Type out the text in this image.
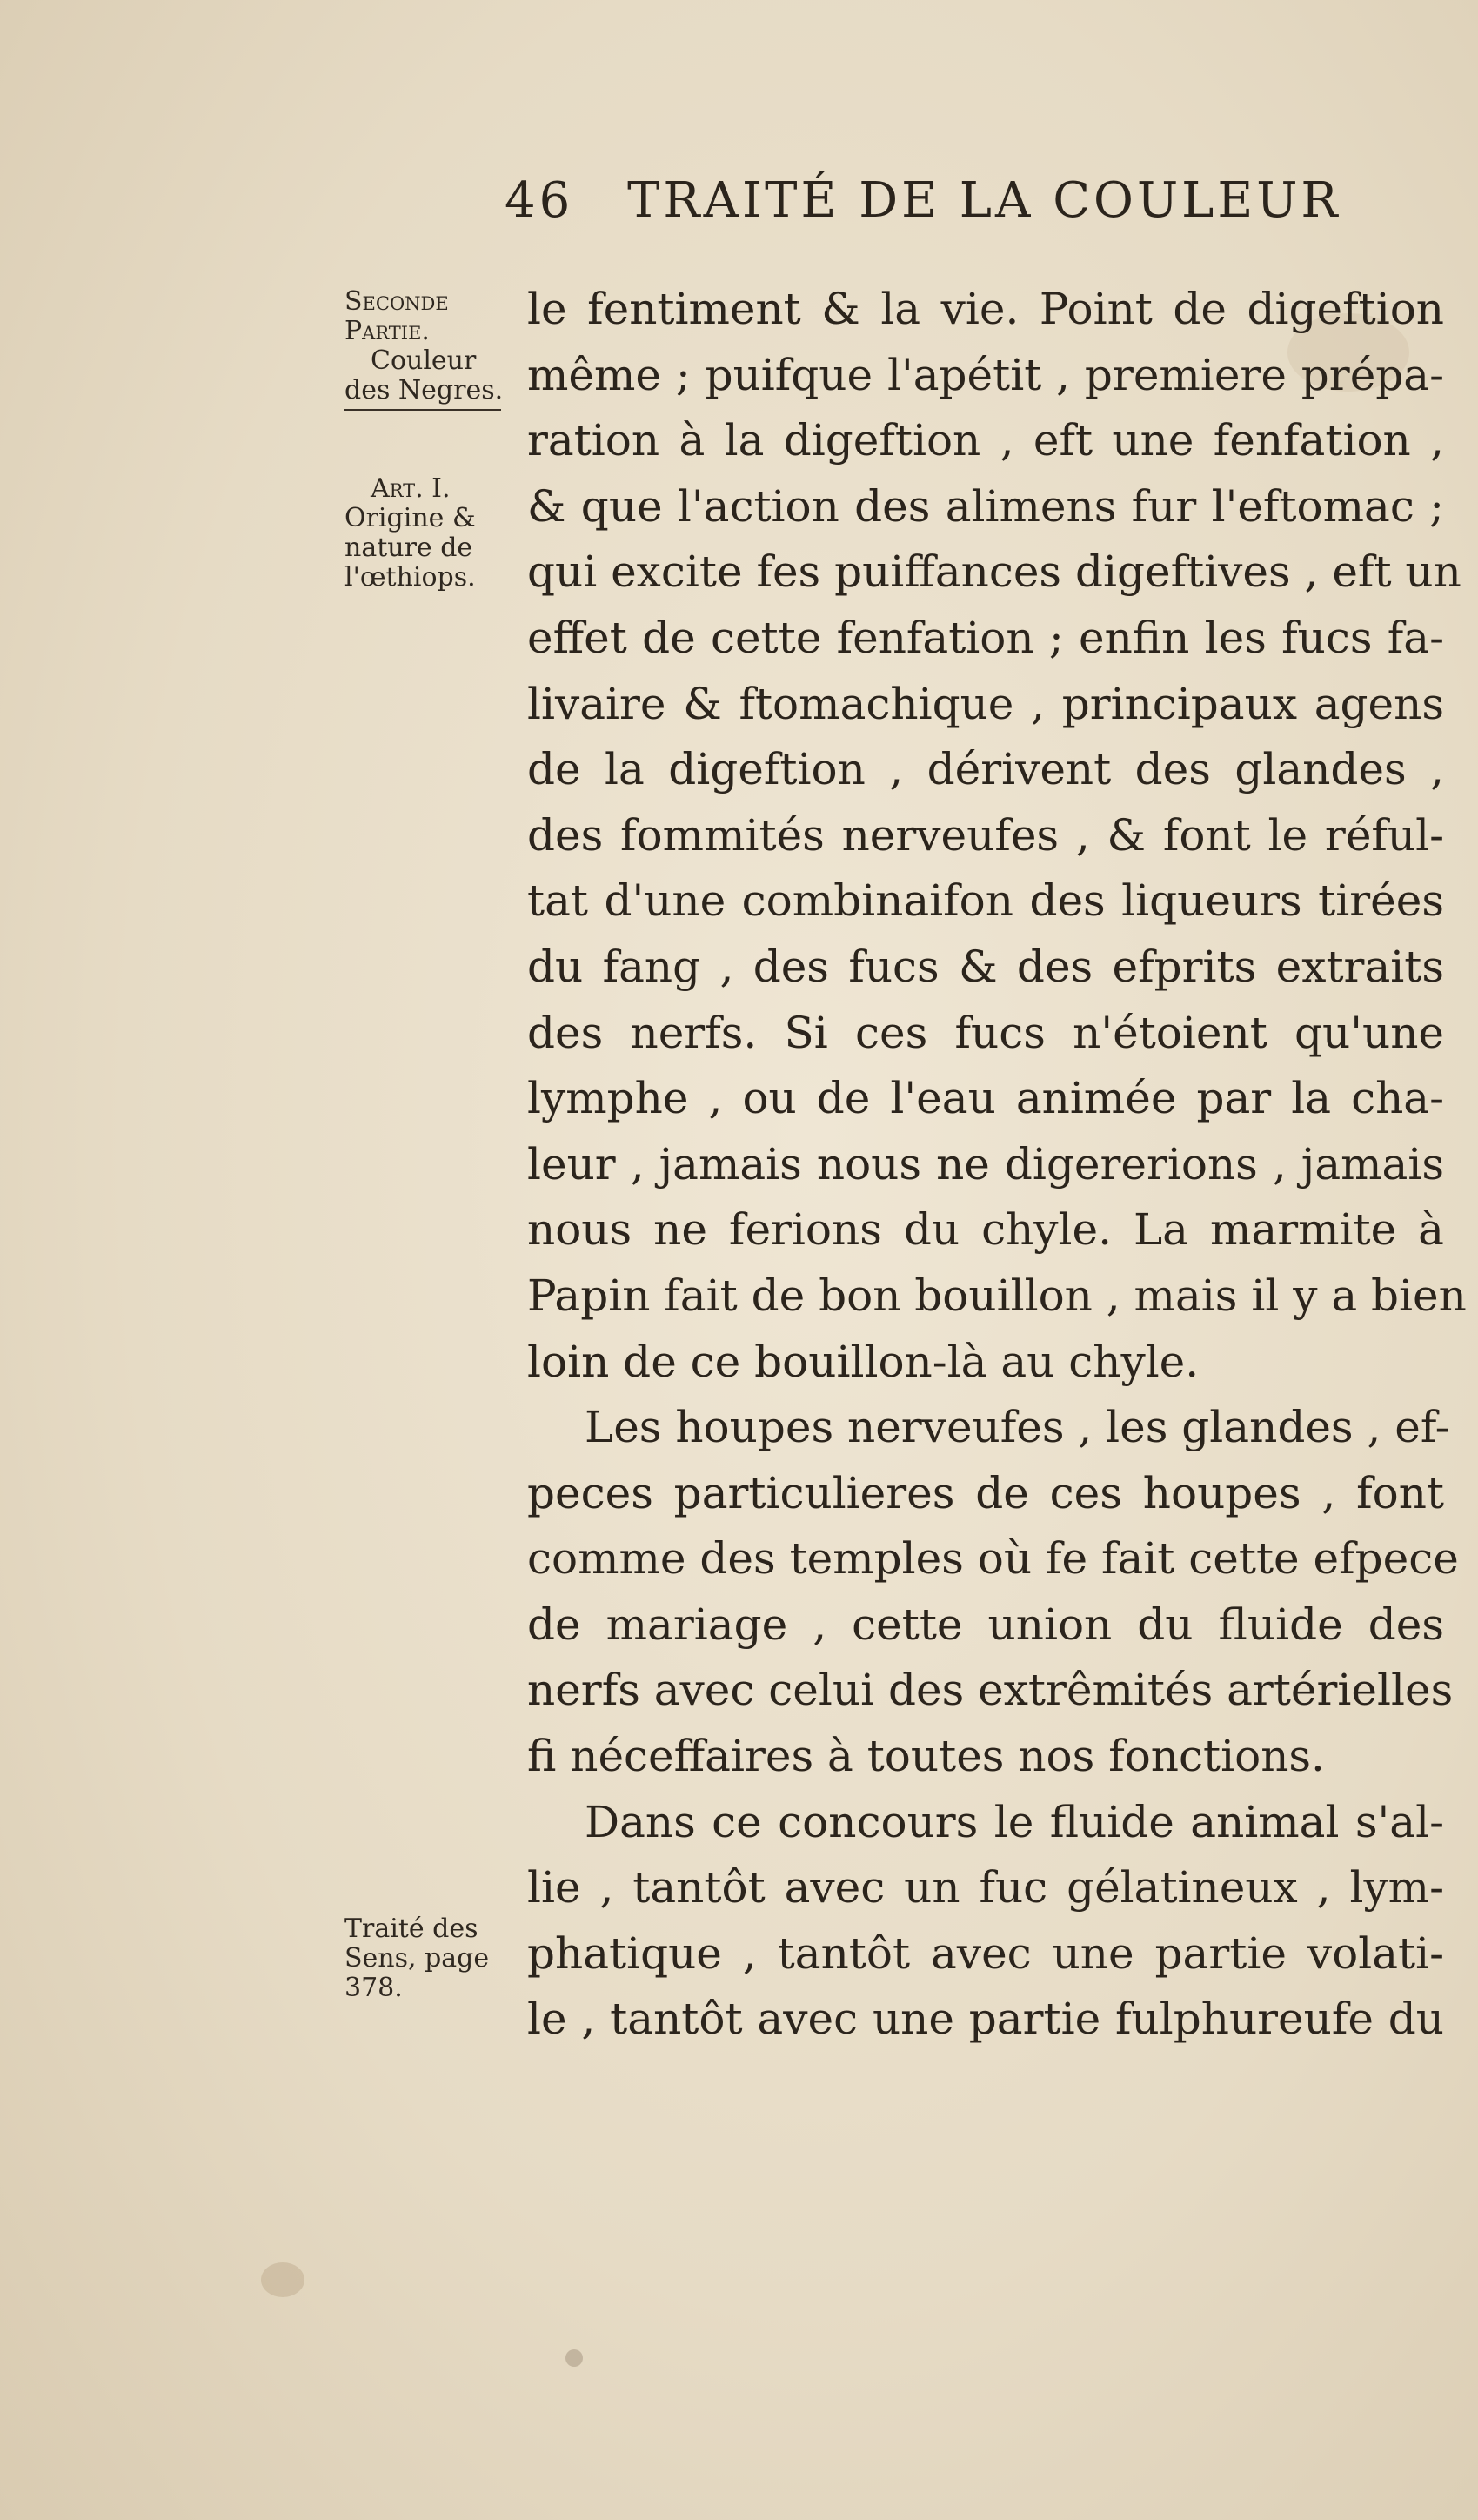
46 TRAITÉ DE LA COULEUR
Seconde
Partie.
Couleur
des Negres.
Art. I.
Origine &
nature de
l'œthiops.
Traité des
Sens, page
378.
le fentiment & la vie. Point de digeftion
même ; puifque l'apétit , premiere prépa-
ration à la digeftion , eft une fenfation ,
& que l'action des alimens fur l'eftomac ;
qui excite fes puiffances digeftives , eft un
effet de cette fenfation ; enfin les fucs fa-
livaire & ftomachique , principaux agens
de la digeftion , dérivent des glandes ,
des fommités nerveufes , & font le réful-
tat d'une combinaifon des liqueurs tirées
du fang , des fucs & des efprits extraits
des nerfs. Si ces fucs n'étoient qu'une
lymphe , ou de l'eau animée par la cha-
leur , jamais nous ne digererions , jamais
nous ne ferions du chyle. La marmite à
Papin fait de bon bouillon , mais il y a bien
loin de ce bouillon-là au chyle.
Les houpes nerveufes , les glandes , ef-
peces particulieres de ces houpes , font
comme des temples où fe fait cette efpece
de mariage , cette union du fluide des
nerfs avec celui des extrêmités artérielles
fi néceffaires à toutes nos fonctions.
Dans ce concours le fluide animal s'al-
lie , tantôt avec un fuc gélatineux , lym-
phatique , tantôt avec une partie volati-
le , tantôt avec une partie fulphureufe du
